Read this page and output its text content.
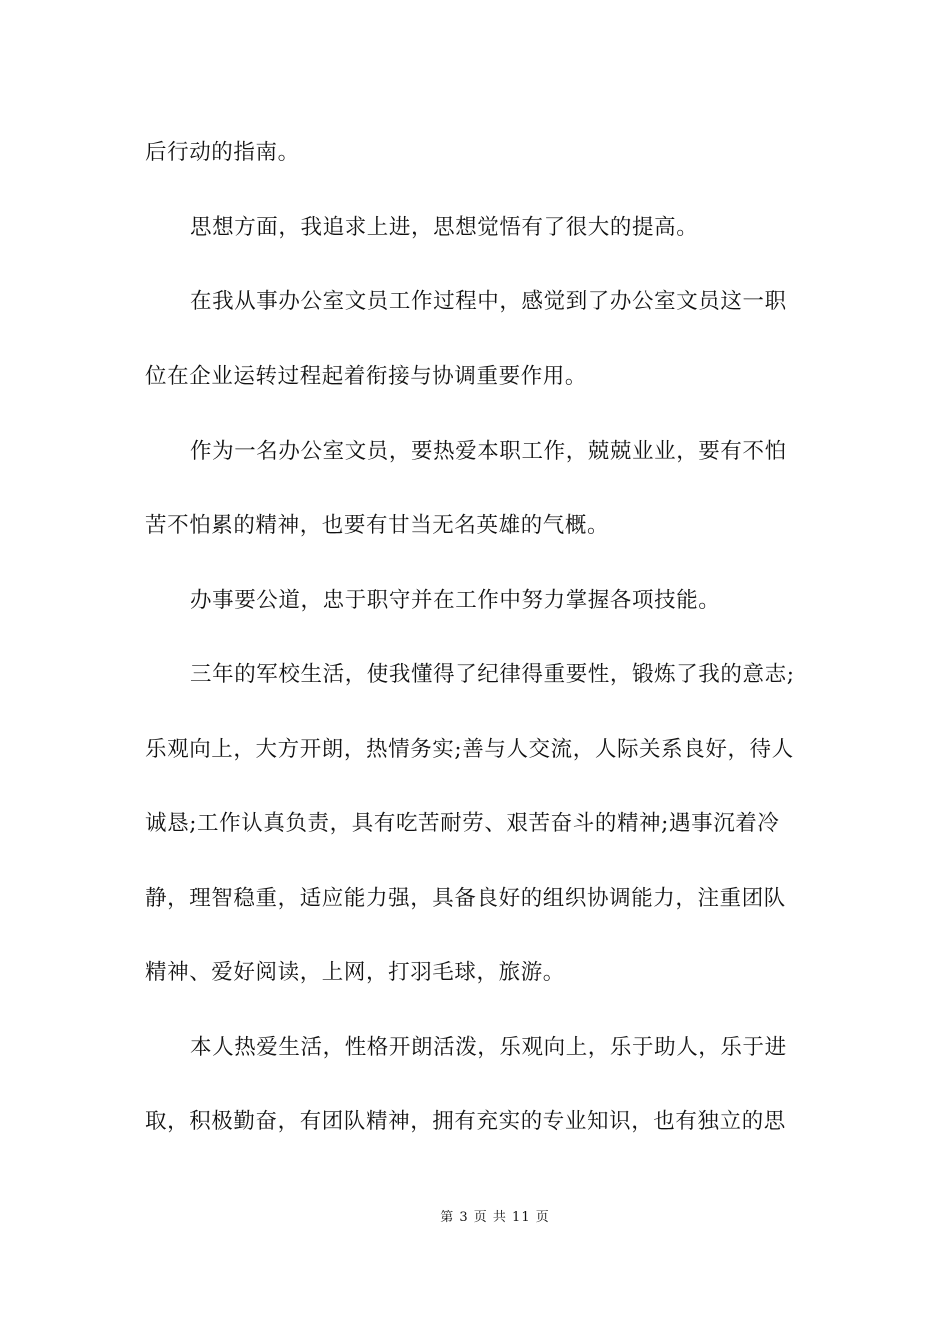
后行动的指南。
思想方面，我追求上进，思想觉悟有了很大的提高。
在我从事办公室文员工作过程中，感觉到了办公室文员这一职
位在企业运转过程起着衔接与协调重要作用。
作为一名办公室文员，要热爱本职工作，兢兢业业，要有不怕
苦不怕累的精神，也要有甘当无名英雄的气概。
办事要公道，忠于职守并在工作中努力掌握各项技能。
三年的军校生活，使我懂得了纪律得重要性，锻炼了我的意志;
乐观向上，大方开朗，热情务实;善与人交流，人际关系良好，待人
诚恳;工作认真负责，具有吃苦耐劳、艰苦奋斗的精神;遇事沉着冷
静，理智稳重，适应能力强，具备良好的组织协调能力，注重团队
精神、爱好阅读，上网，打羽毛球，旅游。
本人热爱生活，性格开朗活泼，乐观向上，乐于助人，乐于进
取，积极勤奋，有团队精神，拥有充实的专业知识，也有独立的思
第 3 页 共 11 页
